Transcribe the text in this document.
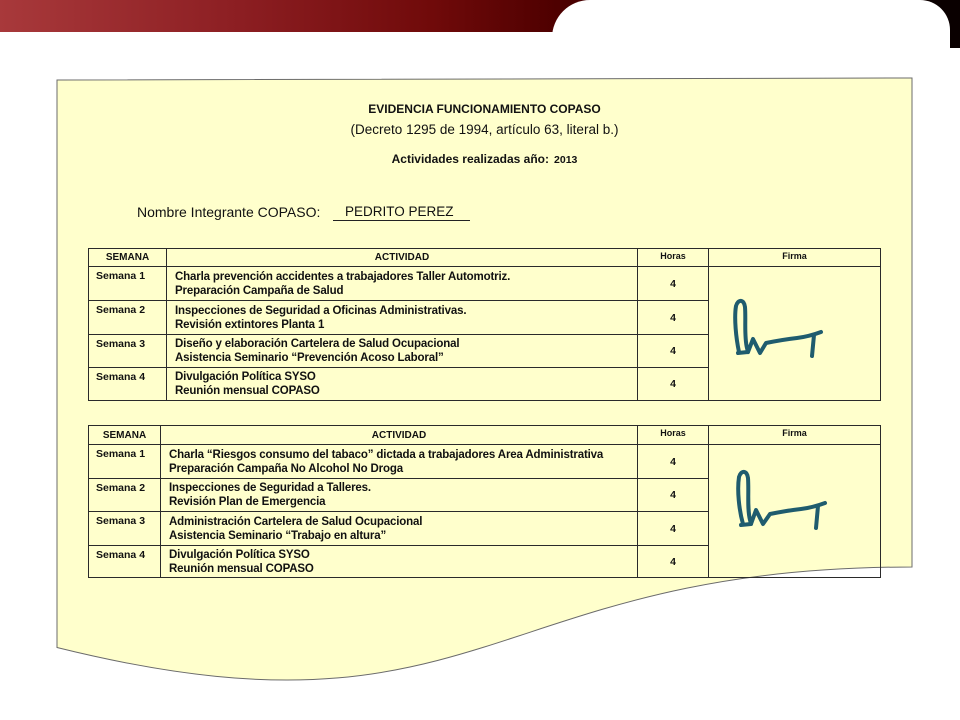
EVIDENCIA FUNCIONAMIENTO COPASO
(Decreto 1295 de 1994, artículo 63, literal b.)
Actividades realizadas año: 2013
Nombre Integrante COPASO:	PEDRITO PEREZ
SEMANA	ACTIVIDAD	Horas	Firma
Semana 1	Charla prevención accidentes a trabajadores Taller Automotriz.
Preparación Campaña de Salud	4	

Semana 2	Inspecciones de Seguridad a Oficinas Administrativas.
Revisión extintores Planta 1	4	
Semana 3	Diseño y elaboración Cartelera de Salud Ocupacional
Asistencia Seminario “Prevención Acoso Laboral”	4	
Semana 4	Divulgación Política SYSO
Reunión mensual COPASO	4	
SEMANA	ACTIVIDAD	Horas	Firma
Semana 1	Charla “Riesgos consumo del tabaco” dictada a trabajadores Area Administrativa
Preparación Campaña No Alcohol No Droga	4	

Semana 2	Inspecciones de Seguridad a Talleres.
Revisión Plan de Emergencia	4	
Semana 3	Administración Cartelera de Salud Ocupacional
Asistencia Seminario “Trabajo en altura”	4	
Semana 4	Divulgación Política SYSO
Reunión mensual COPASO	4	
